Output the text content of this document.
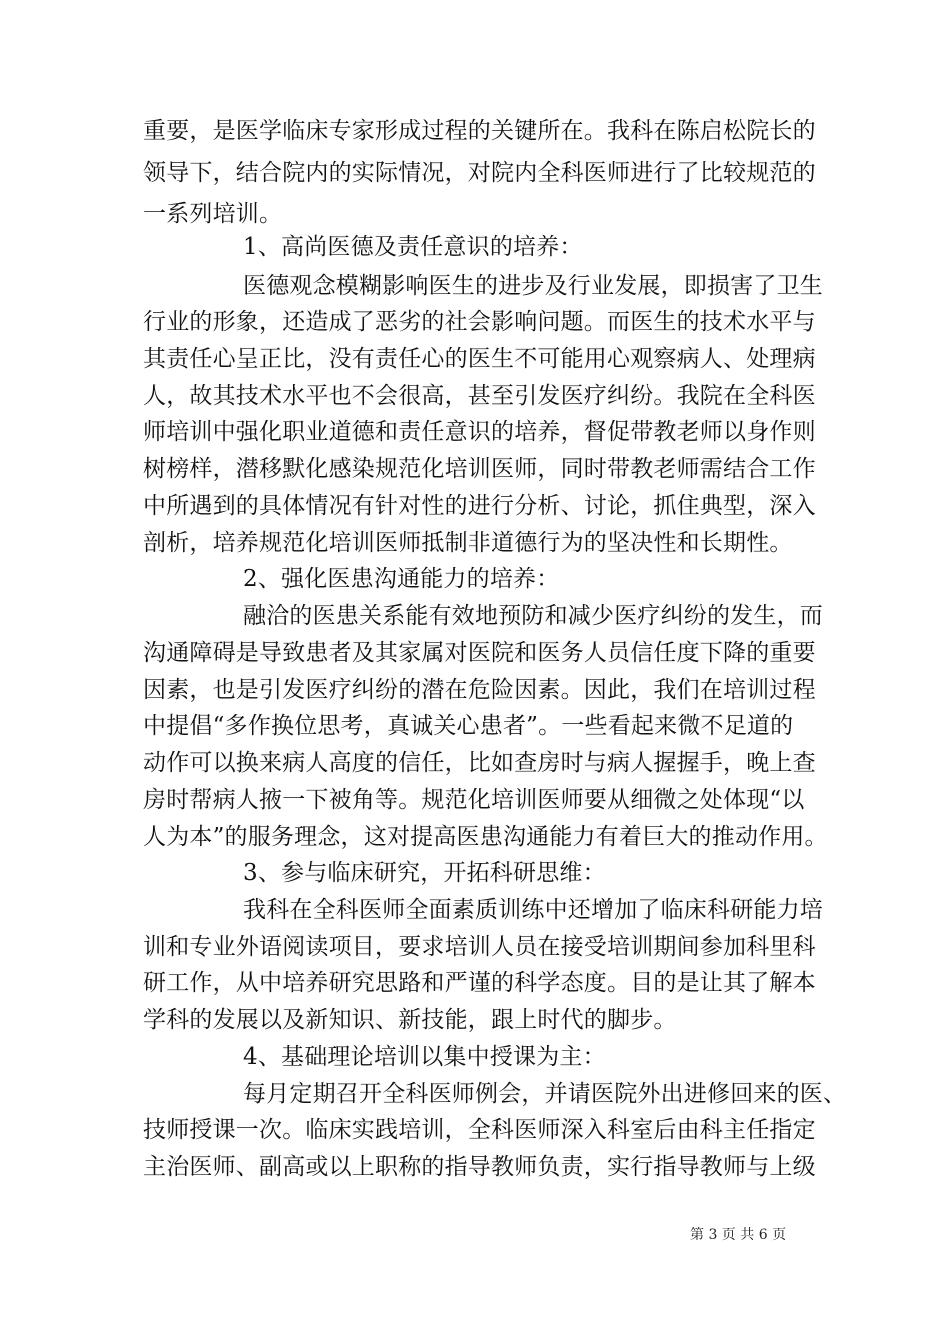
重要，是医学临床专家形成过程的关键所在。我科在陈启松院长的
领导下，结合院内的实际情况，对院内全科医师进行了比较规范的
一系列培训。
1、高尚医德及责任意识的培养：
医德观念模糊影响医生的进步及行业发展，即损害了卫生
行业的形象，还造成了恶劣的社会影响问题。而医生的技术水平与
其责任心呈正比，没有责任心的医生不可能用心观察病人、处理病
人，故其技术水平也不会很高，甚至引发医疗纠纷。我院在全科医
师培训中强化职业道德和责任意识的培养，督促带教老师以身作则
树榜样，潜移默化感染规范化培训医师，同时带教老师需结合工作
中所遇到的具体情况有针对性的进行分析、讨论，抓住典型，深入
剖析，培养规范化培训医师抵制非道德行为的坚决性和长期性。
2、强化医患沟通能力的培养：
融洽的医患关系能有效地预防和减少医疗纠纷的发生，而
沟通障碍是导致患者及其家属对医院和医务人员信任度下降的重要
因素，也是引发医疗纠纷的潜在危险因素。因此，我们在培训过程
中提倡“多作换位思考，真诚关心患者”。一些看起来微不足道的
动作可以换来病人高度的信任，比如查房时与病人握握手，晚上查
房时帮病人掖一下被角等。规范化培训医师要从细微之处体现“以
人为本”的服务理念，这对提高医患沟通能力有着巨大的推动作用。
3、参与临床研究，开拓科研思维：
我科在全科医师全面素质训练中还增加了临床科研能力培
训和专业外语阅读项目，要求培训人员在接受培训期间参加科里科
研工作，从中培养研究思路和严谨的科学态度。目的是让其了解本
学科的发展以及新知识、新技能，跟上时代的脚步。
4、基础理论培训以集中授课为主：
每月定期召开全科医师例会，并请医院外出进修回来的医、
技师授课一次。临床实践培训，全科医师深入科室后由科主任指定
主治医师、副高或以上职称的指导教师负责，实行指导教师与上级
第 3 页 共 6 页
